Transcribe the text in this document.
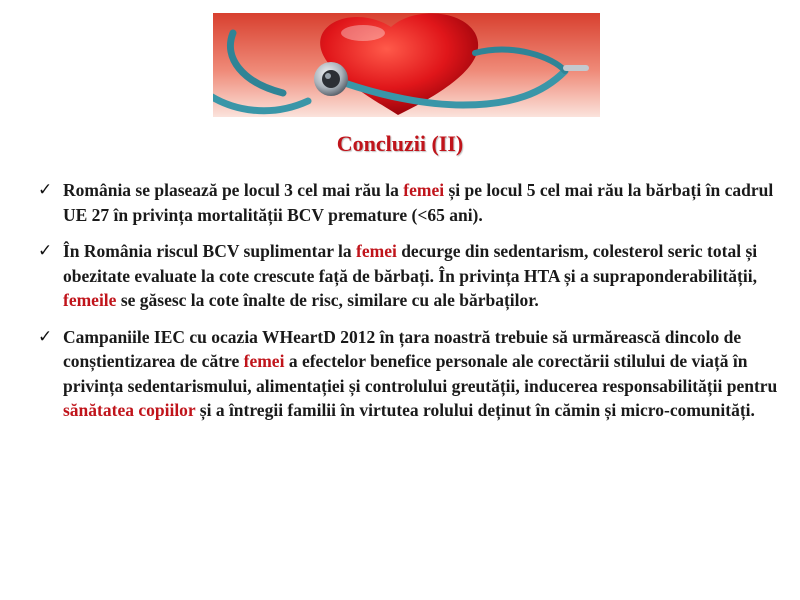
Concluzii (II)
✓ România se plasează pe locul 3 cel mai rău la femei și pe locul 5 cel mai rău la bărbați în cadrul UE 27 în privința mortalității BCV premature (<65 ani).
✓ În România riscul BCV suplimentar la femei decurge din sedentarism, colesterol seric total și obezitate evaluate la cote crescute față de bărbați. În privința HTA și a supraponderabilității, femeile se găsesc la cote înalte de risc, similare cu ale bărbaților.
✓ Campaniile IEC cu ocazia WHeartD 2012 în țara noastră trebuie să urmărească dincolo de conștientizarea de către femei a efectelor benefice personale ale corectării stilului de viață în privința sedentarismului, alimentației și controlului greutății, inducerea responsabilității pentru sănătatea copiilor și a întregii familii în virtutea rolului deținut în cămin și micro-comunități.
